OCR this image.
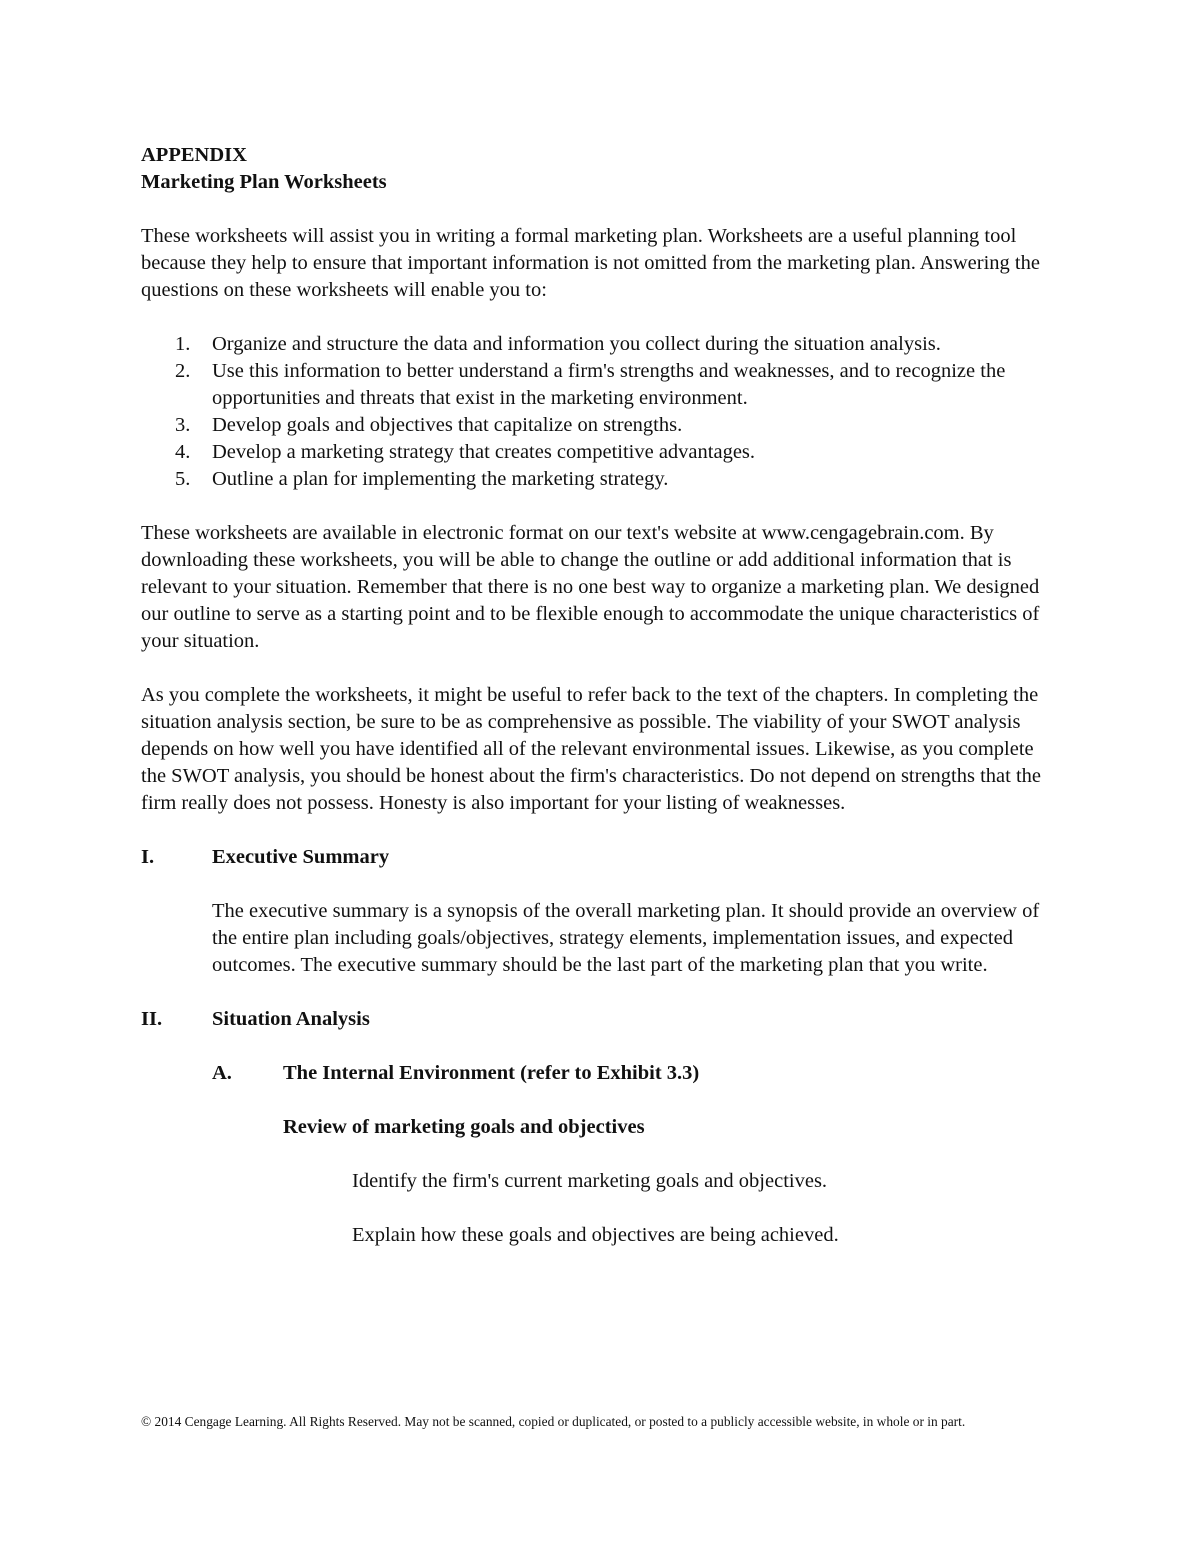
APPENDIX

Marketing Plan Worksheets

These worksheets will assist you in writing a formal marketing plan. Worksheets are a useful planning tool because they help to ensure that important information is not omitted from the marketing plan. Answering the questions on these worksheets will enable you to:

1.	Organize and structure the data and information you collect during the situation analysis.
2.	Use this information to better understand a firm's strengths and weaknesses, and to recognize the opportunities and threats that exist in the marketing environment.
3.	Develop goals and objectives that capitalize on strengths.
4.	Develop a marketing strategy that creates competitive advantages.
5.	Outline a plan for implementing the marketing strategy.

These worksheets are available in electronic format on our text's website at www.cengagebrain.com. By downloading these worksheets, you will be able to change the outline or add additional information that is relevant to your situation. Remember that there is no one best way to organize a marketing plan. We designed our outline to serve as a starting point and to be flexible enough to accommodate the unique characteristics of your situation.

As you complete the worksheets, it might be useful to refer back to the text of the chapters. In completing the situation analysis section, be sure to be as comprehensive as possible. The viability of your SWOT analysis depends on how well you have identified all of the relevant environmental issues. Likewise, as you complete the SWOT analysis, you should be honest about the firm's characteristics. Do not depend on strengths that the firm really does not possess. Honesty is also important for your listing of weaknesses.

I.	Executive Summary

The executive summary is a synopsis of the overall marketing plan. It should provide an overview of the entire plan including goals/objectives, strategy elements, implementation issues, and expected outcomes. The executive summary should be the last part of the marketing plan that you write.

II. Situation Analysis
A. The Internal Environment (refer to Exhibit 3.3)
Review of marketing goals and objectives

Identify the firm's current marketing goals and objectives.

Explain how these goals and objectives are being achieved.

© 2014 Cengage Learning. All Rights Reserved. May not be scanned, copied or duplicated, or posted to a publicly accessible website, in whole or in part.
